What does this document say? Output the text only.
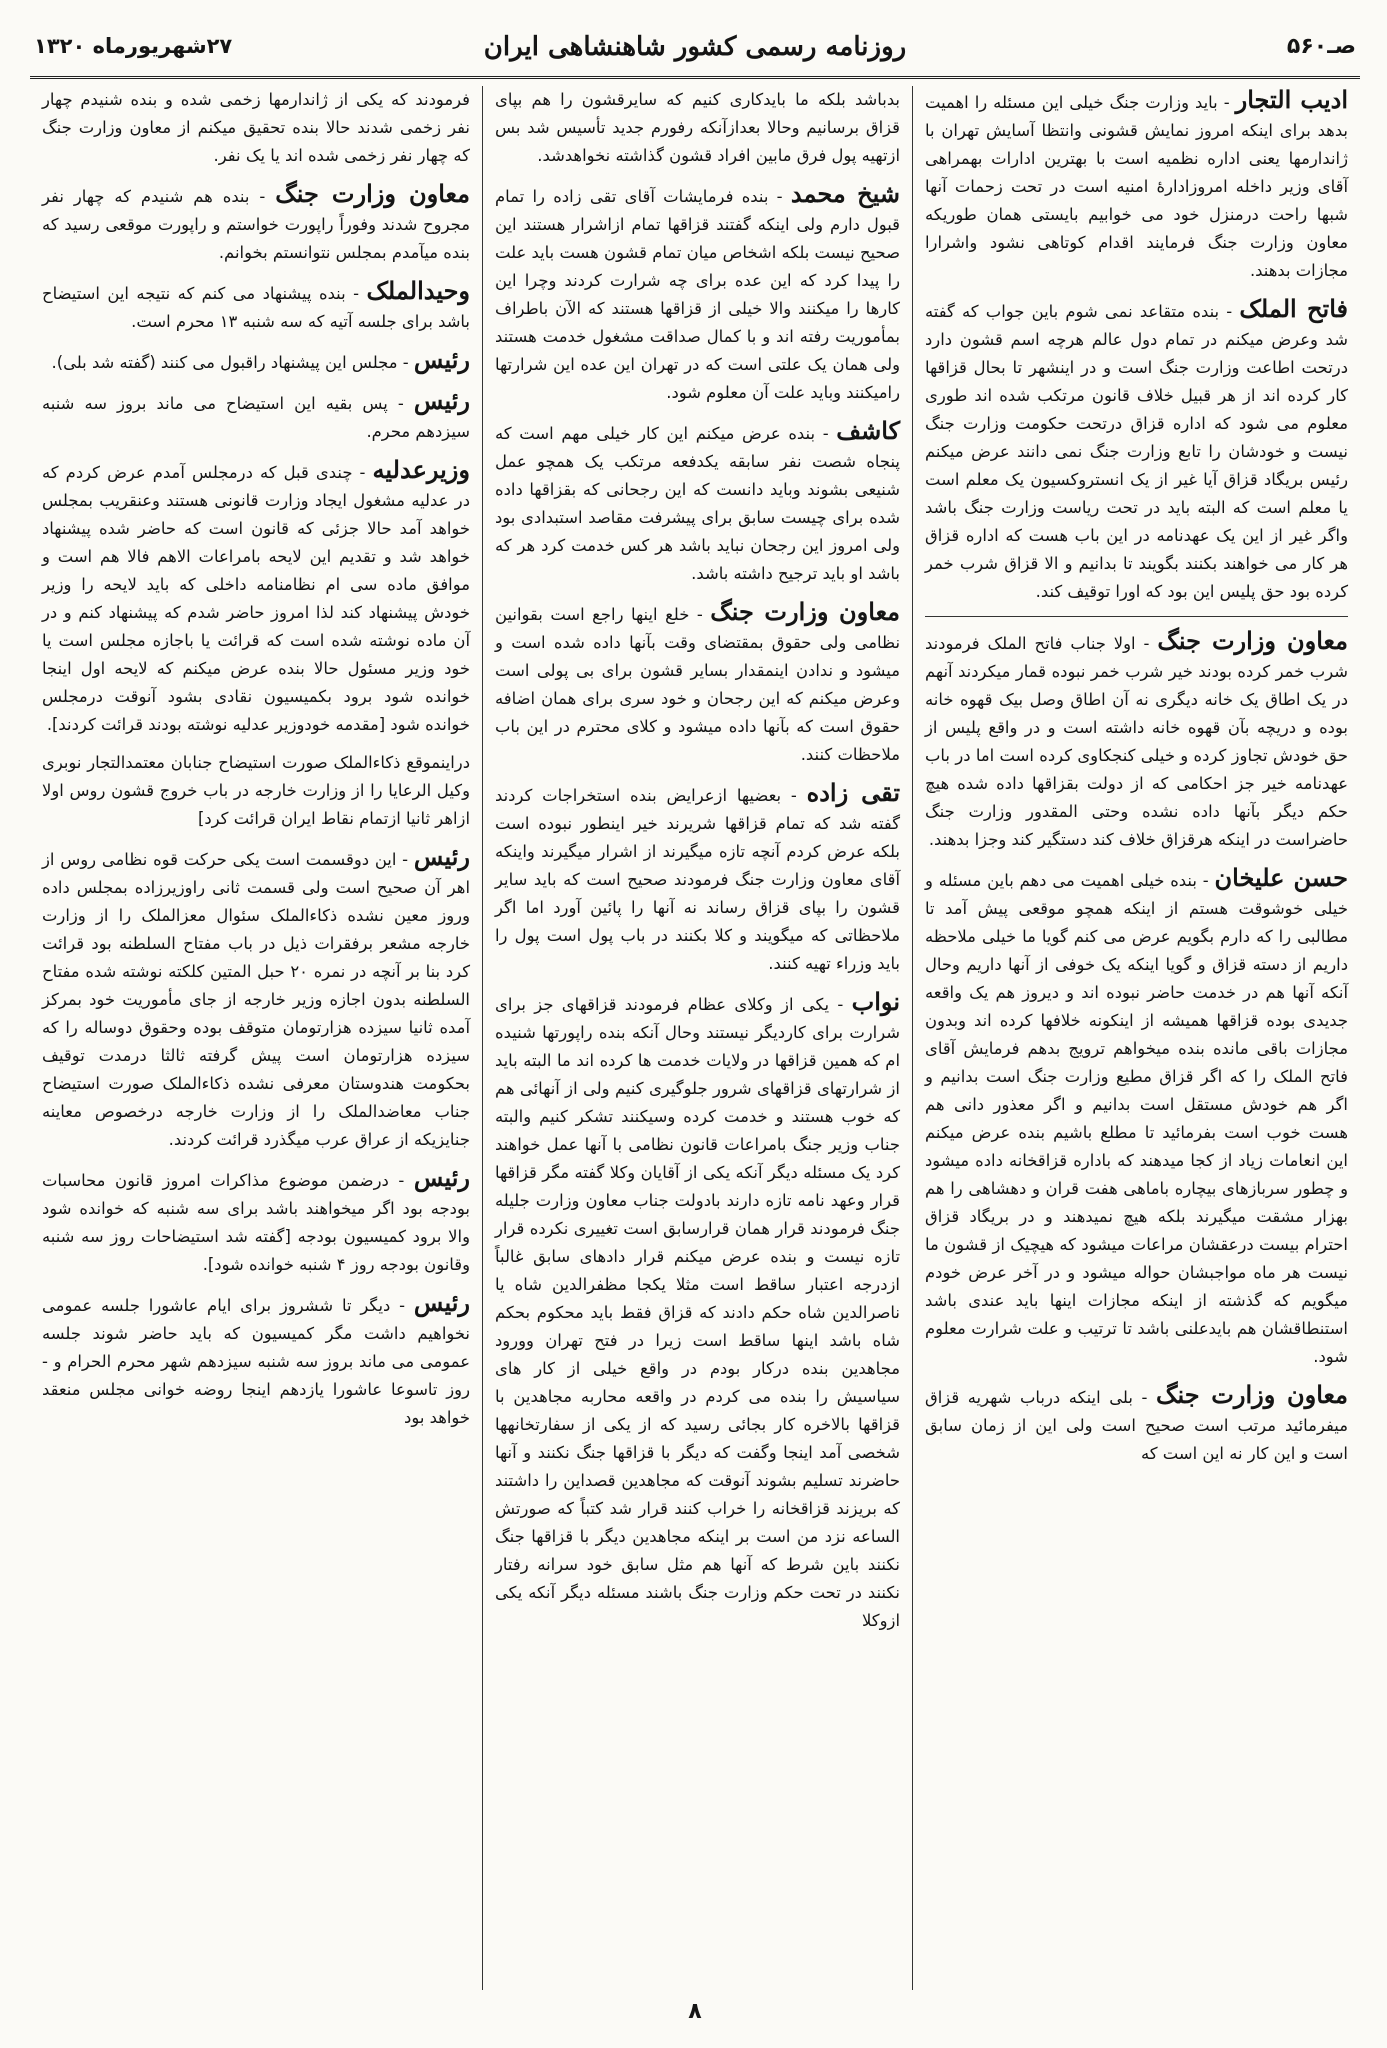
صـ۵۶۰
روزنامه رسمی کشور شاهنشاهی ایران
۲۷شهریورماه ۱۳۲۰

ادیب التجار - باید وزارت جنگ خیلی این مسئله را اهمیت بدهد برای اینکه امروز نمایش قشونی وانتظا آسایش تهران با ژاندارمها یعنی اداره نظمیه است با بهترین ادارات بهمراهی آقای وزیر داخله امروزادارهٔ امنیه است در تحت زحمات آنها شبها راحت درمنزل خود می خوابیم بایستی همان طوریکه معاون وزارت جنگ فرمایند اقدام کوتاهی نشود واشرارا مجازات بدهند.

فاتح الملک - بنده متقاعد نمی شوم باین جواب که گفته شد وعرض میکنم در تمام دول عالم هرچه اسم قشون دارد درتحت اطاعت وزارت جنگ است و در اینشهر تا بحال قزاقها کار کرده اند از هر قبیل خلاف قانون مرتکب شده اند طوری معلوم می شود که اداره قزاق درتحت حکومت وزارت جنگ نیست و خودشان را تابع وزارت جنگ نمی دانند عرض میکنم رئیس بریگاد قزاق آیا غیر از یک انستروکسیون یک معلم است یا معلم است که البته باید در تحت ریاست وزارت جنگ باشد واگر غیر از این یک عهدنامه در این باب هست که اداره قزاق هر کار می خواهند بکنند بگویند تا بدانیم و الا قزاق شرب خمر کرده بود حق پلیس این بود که اورا توقیف کند.

معاون وزارت جنگ - اولا جناب فاتح الملک فرمودند شرب خمر کرده بودند خیر شرب خمر نبوده قمار میکردند آنهم در یک اطاق یک خانه دیگری نه آن اطاق وصل بیک قهوه خانه بوده و دریچه بآن قهوه خانه داشته است و در واقع پلیس از حق خودش تجاوز کرده و خیلی کنجکاوی کرده است اما در باب عهدنامه خیر جز احکامی که از دولت بقزاقها داده شده هیچ حکم دیگر بآنها داده نشده وحتی المقدور وزارت جنگ حاضراست در اینکه هرقزاق خلاف کند دستگیر کند وجزا بدهند.

حسن علیخان - بنده خیلی اهمیت می دهم باین مسئله و خیلی خوشوقت هستم از اینکه همچو موقعی پیش آمد تا مطالبی را که دارم بگویم عرض می کنم گویا ما خیلی ملاحظه داریم از دسته قزاق و گویا اینکه یک خوفی از آنها داریم وحال آنکه آنها هم در خدمت حاضر نبوده اند و دیروز هم یک واقعه جدیدی بوده قزاقها همیشه از اینکونه خلافها کرده اند وبدون مجازات باقی مانده بنده میخواهم ترویج بدهم فرمایش آقای فاتح الملک را که اگر قزاق مطیع وزارت جنگ است بدانیم و اگر هم خودش مستقل است بدانیم و اگر معذور دانی هم هست خوب است بفرمائید تا مطلع باشیم بنده عرض میکنم این انعامات زیاد از کجا میدهند که باداره قزاقخانه داده میشود و چطور سربازهای بیچاره باماهی هفت قران و دهشاهی را هم بهزار مشقت میگیرند بلکه هیچ نمیدهند و در بریگاد قزاق احترام بیست درعقشان مراعات میشود که هیچیک از قشون ما نیست هر ماه مواجبشان حواله میشود و در آخر عرض خودم میگویم که گذشته از اینکه مجازات اینها باید عندی باشد استنطاقشان هم بایدعلنی باشد تا ترتیب و علت شرارت معلوم شود.

معاون وزارت جنگ - بلی اینکه درباب شهریه قزاق میفرمائید مرتب است صحیح است ولی این از زمان سابق است و این کار نه این است که

بدباشد بلکه ما بایدکاری کنیم که سایرقشون را هم بپای قزاق برسانیم وحالا بعدازآنکه رفورم جدید تأسیس شد بس ازتهیه پول فرق مابین افراد قشون گذاشته نخواهدشد.

شیخ محمد - بنده فرمایشات آقای تقی زاده را تمام قبول دارم ولی اینکه گفتند قزاقها تمام ازاشرار هستند این صحیح نیست بلکه اشخاص میان تمام قشون هست باید علت را پیدا کرد که این عده برای چه شرارت کردند وچرا این کارها را میکنند والا خیلی از قزاقها هستند که الآن باطراف بمأموریت رفته اند و با کمال صداقت مشغول خدمت هستند ولی همان یک علتی است که در تهران این عده این شرارتها رامیکنند وباید علت آن معلوم شود.

کاشف - بنده عرض میکنم این کار خیلی مهم است که پنجاه شصت نفر سابقه یکدفعه مرتکب یک همچو عمل شنیعی بشوند وباید دانست که این رجحانی که بقزاقها داده شده برای چیست سابق برای پیشرفت مقاصد استبدادی بود ولی امروز این رجحان نباید باشد هر کس خدمت کرد هر که باشد او باید ترجیح داشته باشد.

معاون وزارت جنگ - خلع اینها راجع است بقوانین نظامی ولی حقوق بمقتضای وقت بآنها داده شده است و میشود و ندادن اینمقدار بسایر قشون برای بی پولی است وعرض میکنم که این رجحان و خود سری برای همان اضافه حقوق است که بآنها داده میشود و کلای محترم در این باب ملاحظات کنند.

تقی زاده - بعضیها ازعرایض بنده استخراجات کردند گفته شد که تمام قزاقها شریرند خیر اینطور نبوده است بلکه عرض کردم آنچه تازه میگیرند از اشرار میگیرند واینکه آقای معاون وزارت جنگ فرمودند صحیح است که باید سایر قشون را بپای قزاق رساند نه آنها را پائین آورد اما اگر ملاحظاتی که میگویند و کلا بکنند در باب پول است پول را باید وزراء تهیه کنند.

نواب - یکی از وکلای عظام فرمودند قزاقهای جز برای شرارت برای کاردیگر نیستند وحال آنکه بنده راپورتها شنیده ام که همین قزاقها در ولایات خدمت ها کرده اند ما البته باید از شرارتهای قزاقهای شرور جلوگیری کنیم ولی از آنهائی هم که خوب هستند و خدمت کرده وسیکنند تشکر کنیم والبته جناب وزیر جنگ بامراعات قانون نظامی با آنها عمل خواهند کرد یک مسئله دیگر آنکه یکی از آقایان وکلا گفته مگر قزاقها قرار وعهد نامه تازه دارند بادولت جناب معاون وزارت جلیله جنگ فرمودند قرار همان قرارسابق است تغییری نکرده قرار تازه نیست و بنده عرض میکنم قرار دادهای سابق غالباً ازدرجه اعتبار ساقط است مثلا یکجا مظفرالدین شاه یا ناصرالدین شاه حکم دادند که قزاق فقط باید محکوم بحکم شاه باشد اینها ساقط است زیرا در فتح تهران وورود مجاهدین بنده درکار بودم در واقع خیلی از کار های سیاسیش را بنده می کردم در واقعه محاربه مجاهدین با قزاقها بالاخره کار بجائی رسید که از یکی از سفارتخانهها شخصی آمد اینجا وگفت که دیگر با قزاقها جنگ نکنند و آنها حاضرند تسلیم بشوند آنوقت که مجاهدین قصداین را داشتند که بریزند قزاقخانه را خراب کنند قرار شد کتباً که صورتش الساعه نزد من است بر اینکه مجاهدین دیگر با قزاقها جنگ نکنند باین شرط که آنها هم مثل سابق خود سرانه رفتار نکنند در تحت حکم وزارت جنگ باشند مسئله دیگر آنکه یکی ازوکلا

فرمودند که یکی از ژاندارمها زخمی شده و بنده شنیدم چهار نفر زخمی شدند حالا بنده تحقیق میکنم از معاون وزارت جنگ که چهار نفر زخمی شده اند یا یک نفر.

معاون وزارت جنگ - بنده هم شنیدم که چهار نفر مجروح شدند وفوراً راپورت خواستم و راپورت موقعی رسید که بنده میآمدم بمجلس نتوانستم بخوانم.

وحیدالملک - بنده پیشنهاد می کنم که نتیجه این استیضاح باشد برای جلسه آتیه که سه شنبه ۱۳ محرم است.

رئیس - مجلس این پیشنهاد راقبول می کنند (گفته شد بلی).

رئیس - پس بقیه این استیضاح می ماند بروز سه شنبه سیزدهم محرم.

وزیرعدلیه - چندی قبل که درمجلس آمدم عرض کردم که در عدلیه مشغول ایجاد وزارت قانونی هستند وعنقریب بمجلس خواهد آمد حالا جزئی که قانون است که حاضر شده پیشنهاد خواهد شد و تقدیم این لایحه بامراعات الاهم فالا هم است و موافق ماده سی ام نظامنامه داخلی که باید لایحه را وزیر خودش پیشنهاد کند لذا امروز حاضر شدم که پیشنهاد کنم و در آن ماده نوشته شده است که قرائت یا باجازه مجلس است یا خود وزیر مسئول حالا بنده عرض میکنم که لایحه اول اینجا خوانده شود برود بکمیسیون نقادی بشود آنوقت درمجلس خوانده شود [مقدمه خودوزیر عدلیه نوشته بودند قرائت کردند].

دراینموقع ذکاءالملک صورت استیضاح جنابان معتمدالتجار نوبری وکیل الرعایا را از وزارت خارجه در باب خروج قشون روس اولا ازاهر ثانیا ازتمام نقاط ایران قرائت کرد]

رئیس - این دوقسمت است یکی حرکت قوه نظامی روس از اهر آن صحیح است ولی قسمت ثانی راوزیرزاده بمجلس داده وروز معین نشده ذکاءالملک سئوال معزالملک را از وزارت خارجه مشعر برفقرات ذیل در باب مفتاح السلطنه بود قرائت کرد بنا بر آنچه در نمره ۲۰ حبل المتین کلکته نوشته شده مفتاح السلطنه بدون اجازه وزیر خارجه از جای مأموریت خود بمرکز آمده ثانیا سیزده هزارتومان متوقف بوده وحقوق دوساله را که سیزده هزارتومان است پیش گرفته ثالثا درمدت توقیف بحکومت هندوستان معرفی نشده ذکاءالملک صورت استیضاح جناب معاضدالملک را از وزارت خارجه درخصوص معاینه جنایزیکه از عراق عرب میگذرد قرائت کردند.

رئیس - درضمن موضوع مذاکرات امروز قانون محاسبات بودجه بود اگر میخواهند باشد برای سه شنبه که خوانده شود والا برود کمیسیون بودجه [گفته شد استیضاحات روز سه شنبه وقانون بودجه روز ۴ شنبه خوانده شود].

رئیس - دیگر تا ششروز برای ایام عاشورا جلسه عمومی نخواهیم داشت مگر کمیسیون که باید حاضر شوند جلسه عمومی می ماند بروز سه شنبه سیزدهم شهر محرم الحرام و - روز تاسوعا عاشورا یازدهم اینجا روضه خوانی مجلس منعقد خواهد بود

۸
